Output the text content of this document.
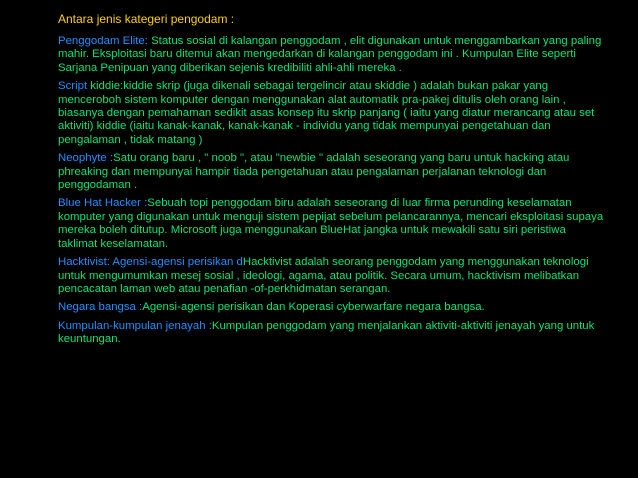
Antara jenis kategeri pengodam :
Penggodam Elite: Status sosial di kalangan penggodam , elit digunakan untuk menggambarkan yang paling mahir. Eksploitasi baru ditemui akan mengedarkan di kalangan penggodam ini . Kumpulan Elite seperti Sarjana Penipuan yang diberikan sejenis kredibiliti ahli-ahli mereka .
Script kiddie:kiddie skrip (juga dikenali sebagai tergelincir atau skiddie ) adalah bukan pakar yang menceroboh sistem komputer dengan menggunakan alat automatik pra-pakej ditulis oleh orang lain , biasanya dengan pemahaman sedikit asas konsep itu skrip panjang ( iaitu yang diatur merancang atau set aktiviti) kiddie (iaitu kanak-kanak, kanak-kanak - individu yang tidak mempunyai pengetahuan dan pengalaman , tidak matang )
Neophyte :Satu orang baru , " noob ", atau "newbie " adalah seseorang yang baru untuk hacking atau phreaking dan mempunyai hampir tiada pengetahuan atau pengalaman perjalanan teknologi dan penggodaman .
Blue Hat Hacker :Sebuah topi penggodam biru adalah seseorang di luar firma perunding keselamatan komputer yang digunakan untuk menguji sistem pepijat sebelum pelancarannya, mencari eksploitasi supaya mereka boleh ditutup. Microsoft juga menggunakan BlueHat jangka untuk mewakili satu siri peristiwa taklimat keselamatan.
Hacktivist: Agensi-agensi perisikan dHacktivist adalah seorang penggodam yang menggunakan teknologi untuk mengumumkan mesej sosial , ideologi, agama, atau politik. Secara umum, hacktivism melibatkan pencacatan laman web atau penafian -of-perkhidmatan serangan.
Negara bangsa :Agensi-agensi perisikan dan Koperasi cyberwarfare negara bangsa.
Kumpulan-kumpulan jenayah :Kumpulan penggodam yang menjalankan aktiviti-aktiviti jenayah yang untuk keuntungan.
